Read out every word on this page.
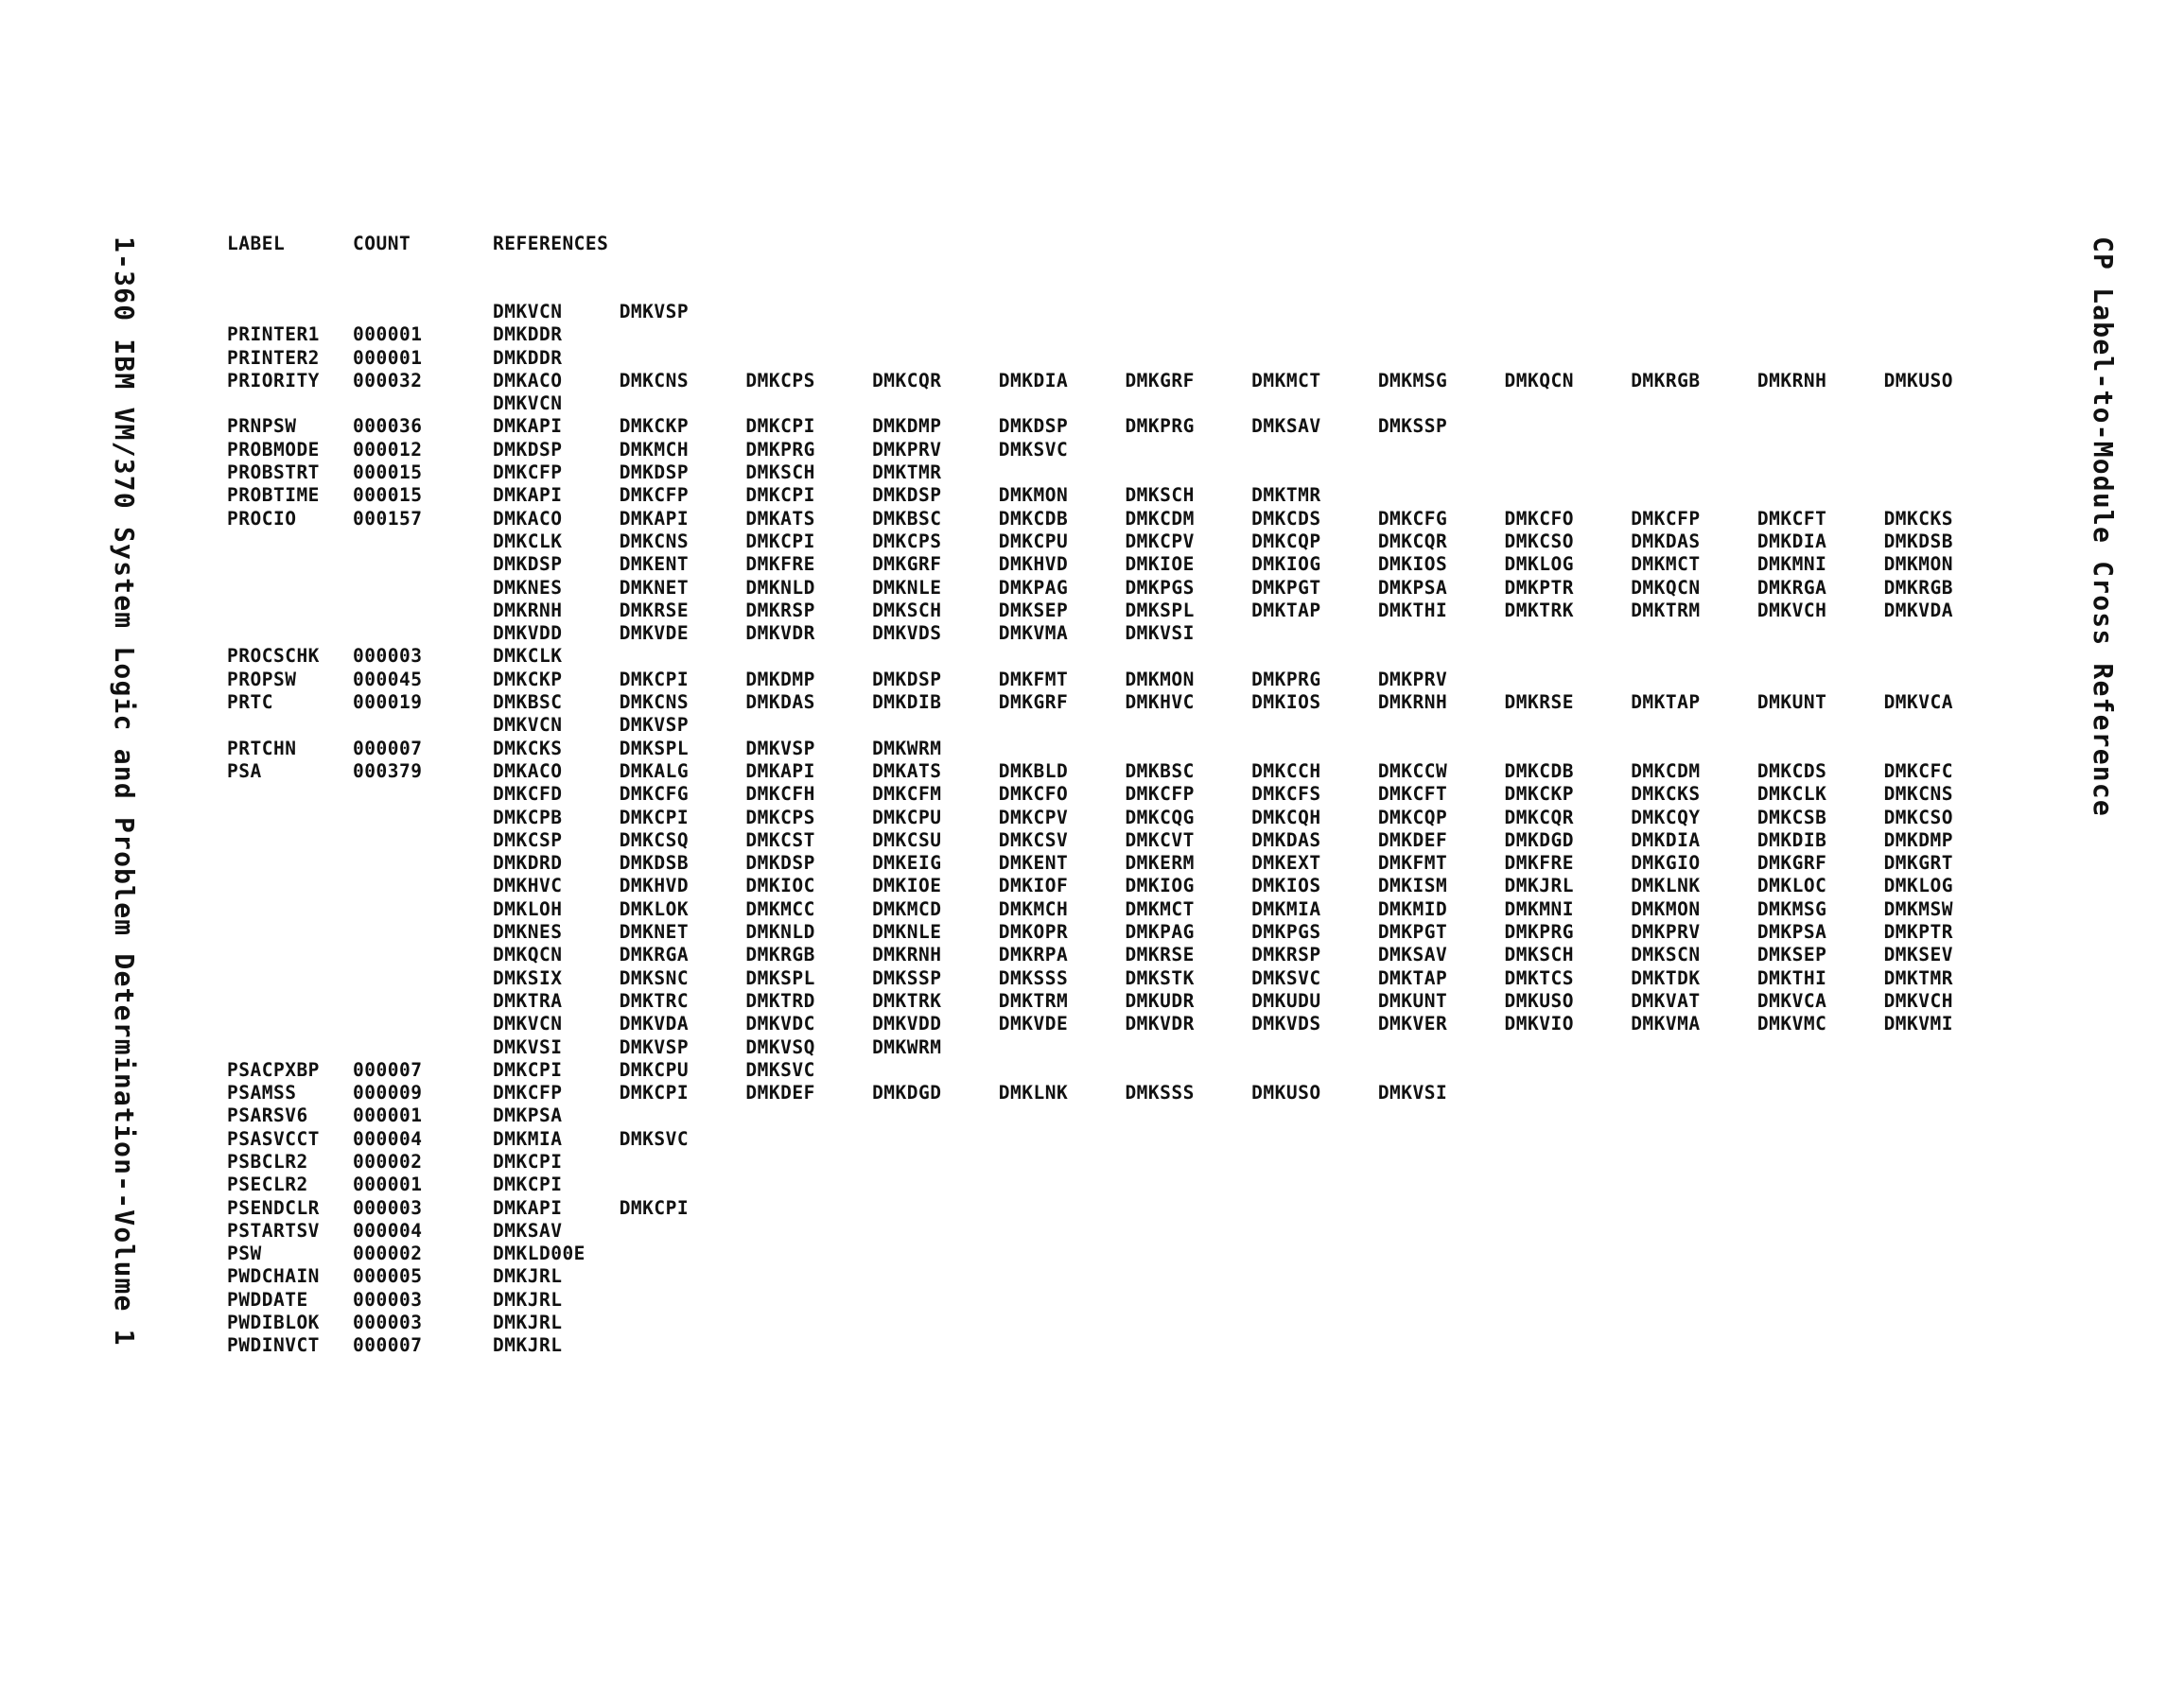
1-360 IBM VM/370 System Logic and Problem Determination--Volume 1	CP Label-to-Module Cross Reference
LABEL	COUNT	REFERENCES											

		DMKVCN	DMKVSP										
PRINTER1	000001	DMKDDR											
PRINTER2	000001	DMKDDR											
PRIORITY	000032	DMKACO	DMKCNS	DMKCPS	DMKCQR	DMKDIA	DMKGRF	DMKMCT	DMKMSG	DMKQCN	DMKRGB	DMKRNH	DMKUSO
		DMKVCN											
PRNPSW	000036	DMKAPI	DMKCKP	DMKCPI	DMKDMP	DMKDSP	DMKPRG	DMKSAV	DMKSSP				
PROBMODE	000012	DMKDSP	DMKMCH	DMKPRG	DMKPRV	DMKSVC							
PROBSTRT	000015	DMKCFP	DMKDSP	DMKSCH	DMKTMR								
PROBTIME	000015	DMKAPI	DMKCFP	DMKCPI	DMKDSP	DMKMON	DMKSCH	DMKTMR					
PROCIO	000157	DMKACO	DMKAPI	DMKATS	DMKBSC	DMKCDB	DMKCDM	DMKCDS	DMKCFG	DMKCFO	DMKCFP	DMKCFT	DMKCKS
		DMKCLK	DMKCNS	DMKCPI	DMKCPS	DMKCPU	DMKCPV	DMKCQP	DMKCQR	DMKCSO	DMKDAS	DMKDIA	DMKDSB
		DMKDSP	DMKENT	DMKFRE	DMKGRF	DMKHVD	DMKIOE	DMKIOG	DMKIOS	DMKLOG	DMKMCT	DMKMNI	DMKMON
		DMKNES	DMKNET	DMKNLD	DMKNLE	DMKPAG	DMKPGS	DMKPGT	DMKPSA	DMKPTR	DMKQCN	DMKRGA	DMKRGB
		DMKRNH	DMKRSE	DMKRSP	DMKSCH	DMKSEP	DMKSPL	DMKTAP	DMKTHI	DMKTRK	DMKTRM	DMKVCH	DMKVDA
		DMKVDD	DMKVDE	DMKVDR	DMKVDS	DMKVMA	DMKVSI						
PROCSCHK	000003	DMKCLK											
PROPSW	000045	DMKCKP	DMKCPI	DMKDMP	DMKDSP	DMKFMT	DMKMON	DMKPRG	DMKPRV				
PRTC	000019	DMKBSC	DMKCNS	DMKDAS	DMKDIB	DMKGRF	DMKHVC	DMKIOS	DMKRNH	DMKRSE	DMKTAP	DMKUNT	DMKVCA
		DMKVCN	DMKVSP										
PRTCHN	000007	DMKCKS	DMKSPL	DMKVSP	DMKWRM								
PSA	000379	DMKACO	DMKALG	DMKAPI	DMKATS	DMKBLD	DMKBSC	DMKCCH	DMKCCW	DMKCDB	DMKCDM	DMKCDS	DMKCFC
		DMKCFD	DMKCFG	DMKCFH	DMKCFM	DMKCFO	DMKCFP	DMKCFS	DMKCFT	DMKCKP	DMKCKS	DMKCLK	DMKCNS
		DMKCPB	DMKCPI	DMKCPS	DMKCPU	DMKCPV	DMKCQG	DMKCQH	DMKCQP	DMKCQR	DMKCQY	DMKCSB	DMKCSO
		DMKCSP	DMKCSQ	DMKCST	DMKCSU	DMKCSV	DMKCVT	DMKDAS	DMKDEF	DMKDGD	DMKDIA	DMKDIB	DMKDMP
		DMKDRD	DMKDSB	DMKDSP	DMKEIG	DMKENT	DMKERM	DMKEXT	DMKFMT	DMKFRE	DMKGIO	DMKGRF	DMKGRT
		DMKHVC	DMKHVD	DMKIOC	DMKIOE	DMKIOF	DMKIOG	DMKIOS	DMKISM	DMKJRL	DMKLNK	DMKLOC	DMKLOG
		DMKLOH	DMKLOK	DMKMCC	DMKMCD	DMKMCH	DMKMCT	DMKMIA	DMKMID	DMKMNI	DMKMON	DMKMSG	DMKMSW
		DMKNES	DMKNET	DMKNLD	DMKNLE	DMKOPR	DMKPAG	DMKPGS	DMKPGT	DMKPRG	DMKPRV	DMKPSA	DMKPTR
		DMKQCN	DMKRGA	DMKRGB	DMKRNH	DMKRPA	DMKRSE	DMKRSP	DMKSAV	DMKSCH	DMKSCN	DMKSEP	DMKSEV
		DMKSIX	DMKSNC	DMKSPL	DMKSSP	DMKSSS	DMKSTK	DMKSVC	DMKTAP	DMKTCS	DMKTDK	DMKTHI	DMKTMR
		DMKTRA	DMKTRC	DMKTRD	DMKTRK	DMKTRM	DMKUDR	DMKUDU	DMKUNT	DMKUSO	DMKVAT	DMKVCA	DMKVCH
		DMKVCN	DMKVDA	DMKVDC	DMKVDD	DMKVDE	DMKVDR	DMKVDS	DMKVER	DMKVIO	DMKVMA	DMKVMC	DMKVMI
		DMKVSI	DMKVSP	DMKVSQ	DMKWRM								
PSACPXBP	000007	DMKCPI	DMKCPU	DMKSVC									
PSAMSS	000009	DMKCFP	DMKCPI	DMKDEF	DMKDGD	DMKLNK	DMKSSS	DMKUSO	DMKVSI				
PSARSV6	000001	DMKPSA											
PSASVCCT	000004	DMKMIA	DMKSVC										
PSBCLR2	000002	DMKCPI											
PSECLR2	000001	DMKCPI											
PSENDCLR	000003	DMKAPI	DMKCPI										
PSTARTSV	000004	DMKSAV											
PSW	000002	DMKLD00E											
PWDCHAIN	000005	DMKJRL											
PWDDATE	000003	DMKJRL											
PWDIBLOK	000003	DMKJRL											
PWDINVCT	000007	DMKJRL											
